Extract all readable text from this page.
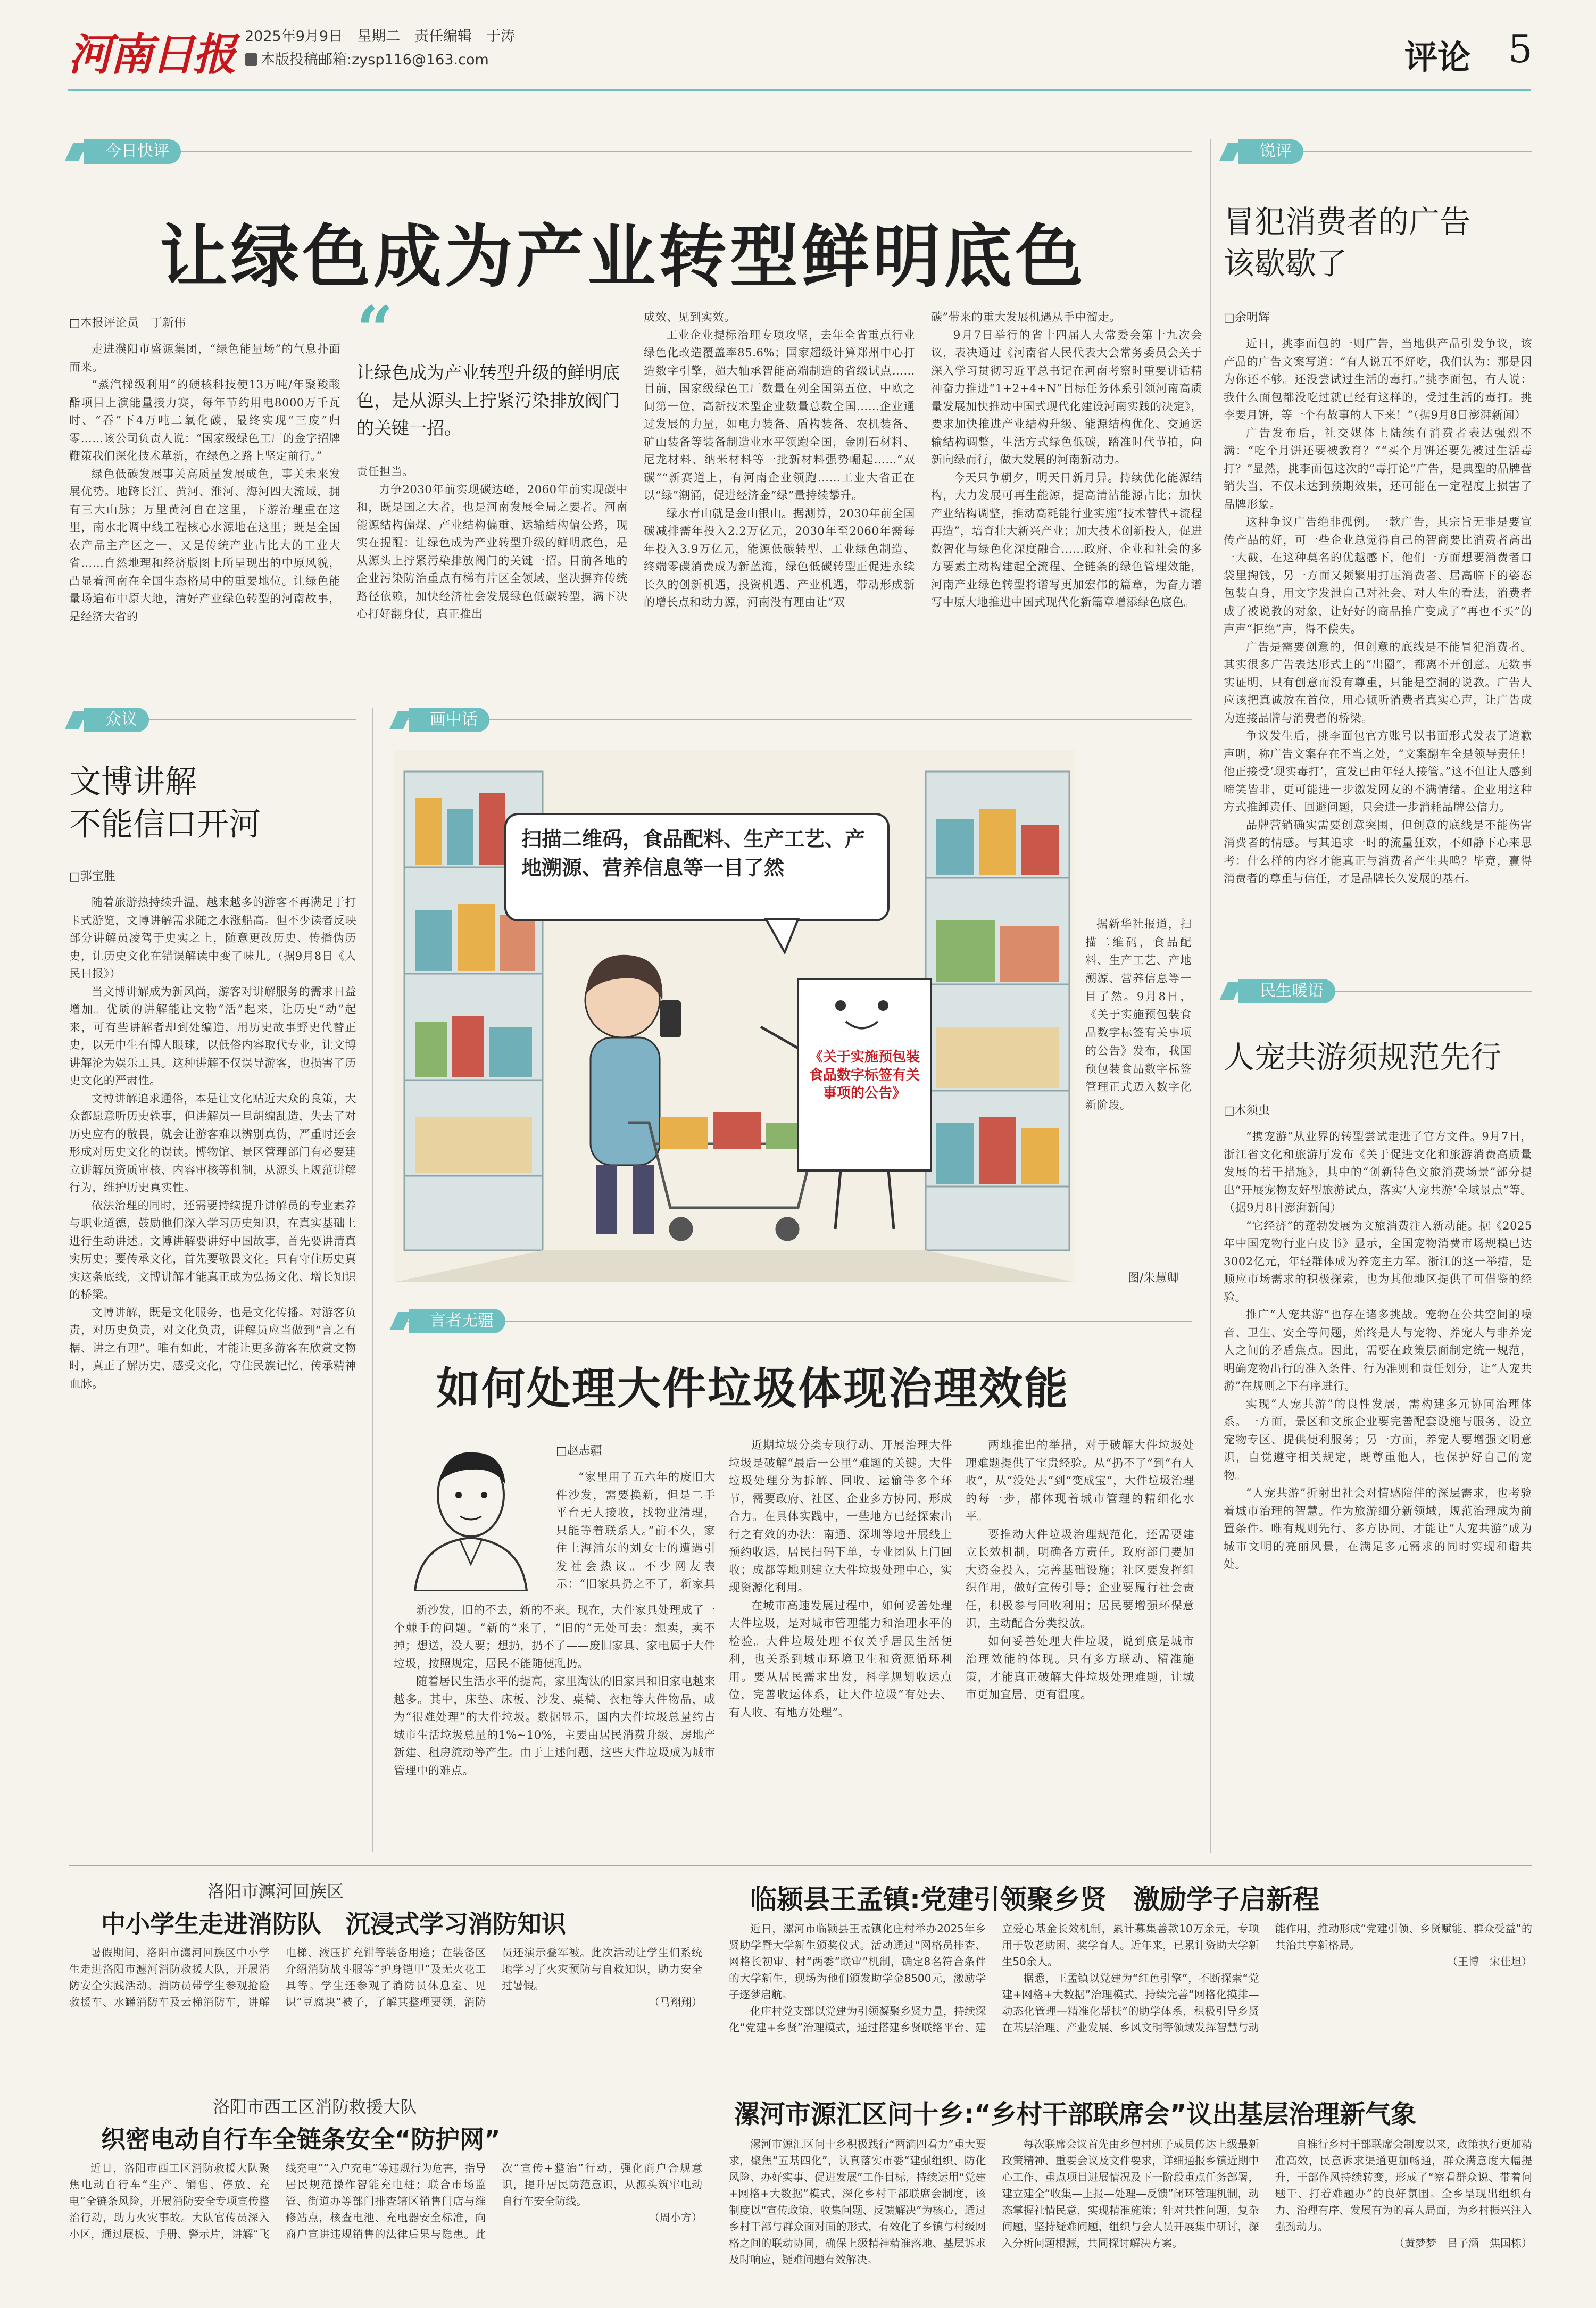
河南日报 2025年9月9日　星期二　责任编辑　于涛
本版投稿邮箱:zysp116@163.com	评论 5
今日快评
让绿色成为产业转型鲜明底色
□本报评论员　丁新伟

走进濮阳市盛源集团，“绿色能量场”的气息扑面而来。

“蒸汽梯级利用”的硬核科技使13万吨/年聚羧酸酯项目上演能量接力赛，每年节约用电8000万千瓦时、“吞”下4万吨二氧化碳，最终实现“三废”归零……该公司负责人说：“国家级绿色工厂的金字招牌鞭策我们深化技术革新，在绿色之路上坚定前行。”

绿色低碳发展事关高质量发展成色，事关未来发展优势。地跨长江、黄河、淮河、海河四大流域，拥有三大山脉；万里黄河自在这里，下游治理重在这里，南水北调中线工程核心水源地在这里；既是全国农产品主产区之一，又是传统产业占比大的工业大省……自然地理和经济版图上所呈现出的中原风貌，凸显着河南在全国生态格局中的重要地位。让绿色能量场遍布中原大地，清好产业绿色转型的河南故事，是经济大省的

“
让绿色成为产业转型升级的鲜明底色，是从源头上拧紧污染排放阀门的关键一招。

责任担当。

力争2030年前实现碳达峰，2060年前实现碳中和，既是国之大者，也是河南发展全局之要者。河南能源结构偏煤、产业结构偏重、运输结构偏公路，现实在提醒：让绿色成为产业转型升级的鲜明底色，是从源头上拧紧污染排放阀门的关键一招。目前各地的企业污染防治重点有梯有片区全领域，坚决摒弃传统路径依赖，加快经济社会发展绿色低碳转型，满下决心打好翻身仗，真正推出

成效、见到实效。

工业企业提标治理专项攻坚，去年全省重点行业绿色化改造覆盖率85.6%；国家超级计算郑州中心打造数字引擎，超大轴承智能高端制造的省级试点……目前，国家级绿色工厂数量在列全国第五位，中欧之间第一位，高新技术型企业数量总数全国……企业通过发展的力量，如电力装备、盾构装备、农机装备、矿山装备等装备制造业水平领跑全国，金刚石材料、尼龙材料、纳米材料等一批新材料强势崛起……“双碳”“新赛道上，有河南企业领跑……工业大省正在以“绿”潮涌，促进经济金“绿”量持续攀升。

绿水青山就是金山银山。据测算，2030年前全国碳减排需年投入2.2万亿元，2030年至2060年需每年投入3.9万亿元，能源低碳转型、工业绿色制造、终端零碳消费成为新蓝海，绿色低碳转型正促进永续长久的创新机遇，投资机遇、产业机遇，带动形成新的增长点和动力源，河南没有理由让“双

碳”带来的重大发展机遇从手中溜走。

9月7日举行的省十四届人大常委会第十九次会议，表决通过《河南省人民代表大会常务委员会关于深入学习贯彻习近平总书记在河南考察时重要讲话精神奋力推进“1+2+4+N”目标任务体系引领河南高质量发展加快推动中国式现代化建设河南实践的决定》，要求加快推进产业结构升级、能源结构优化、交通运输结构调整，生活方式绿色低碳，踏准时代节拍，向新向绿而行，做大发展的河南新动力。

今天只争朝夕，明天日新月异。持续优化能源结构，大力发展可再生能源，提高清洁能源占比；加快产业结构调整，推动高耗能行业实施“技术替代+流程再造”，培育壮大新兴产业；加大技术创新投入，促进数智化与绿色化深度融合……政府、企业和社会的多方要素主动构建起全流程、全链条的绿色管理效能，河南产业绿色转型将谱写更加宏伟的篇章，为奋力谱写中原大地推进中国式现代化新篇章增添绿色底色。

锐评
冒犯消费者的广告
该歇歇了
□余明辉

近日，挑李面包的一则广告，当地供产品引发争议，该产品的广告文案写道：“有人说五不好吃，我们认为：那是因为你还不够。还没尝试过生活的毒打。”挑李面包，有人说：我什么面包都没吃过就已经有这样的，受过生活的毒打。挑李要月饼，等一个有故事的人下来！”（据9月8日澎湃新闻）

广告发布后，社交媒体上陆续有消费者表达强烈不满：“吃个月饼还要被教育？”“买个月饼还要先被过生活毒打？”显然，挑李面包这次的“毒打论”广告，是典型的品牌营销失当，不仅未达到预期效果，还可能在一定程度上损害了品牌形象。

这种争议广告绝非孤例。一款广告，其宗旨无非是要宣传产品的好，可一些企业总觉得自己的智商要比消费者高出一大截，在这种莫名的优越感下，他们一方面想要消费者口袋里掏钱，另一方面又频繁用打压消费者、居高临下的姿态包装自身，用文字发泄自己对社会、对人生的看法，消费者成了被说教的对象，让好好的商品推广变成了“再也不买”的声声“拒绝”声，得不偿失。

广告是需要创意的，但创意的底线是不能冒犯消费者。其实很多广告表达形式上的“出圈”，都离不开创意。无数事实证明，只有创意而没有尊重，只能是空洞的说教。广告人应该把真诚放在首位，用心倾听消费者真实心声，让广告成为连接品牌与消费者的桥梁。

争议发生后，挑李面包官方账号以书面形式发表了道歉声明，称广告文案存在不当之处，“文案翻车全是领导责任！他正接受‘现实毒打’，宣发已由年轻人接管。”这不但让人感到啼笑皆非，更可能进一步激发网友的不满情绪。企业用这种方式推卸责任、回避问题，只会进一步消耗品牌公信力。

品牌营销确实需要创意突围，但创意的底线是不能伤害消费者的情感。与其追求一时的流量狂欢，不如静下心来思考：什么样的内容才能真正与消费者产生共鸣？毕竟，赢得消费者的尊重与信任，才是品牌长久发展的基石。

民生暖语
人宠共游须规范先行
□木须虫

“携宠游”从业界的转型尝试走进了官方文件。9月7日，浙江省文化和旅游厅发布《关于促进文化和旅游消费高质量发展的若干措施》，其中的“创新特色文旅消费场景”部分提出“开展宠物友好型旅游试点，落实‘人宠共游’全域景点”等。（据9月8日澎湃新闻）

“它经济”的蓬勃发展为文旅消费注入新动能。据《2025年中国宠物行业白皮书》显示，全国宠物消费市场规模已达3002亿元，年轻群体成为养宠主力军。浙江的这一举措，是顺应市场需求的积极探索，也为其他地区提供了可借鉴的经验。

推广“人宠共游”也存在诸多挑战。宠物在公共空间的噪音、卫生、安全等问题，始终是人与宠物、养宠人与非养宠人之间的矛盾焦点。因此，需要在政策层面制定统一规范，明确宠物出行的准入条件、行为准则和责任划分，让“人宠共游”在规则之下有序进行。

实现“人宠共游”的良性发展，需构建多元协同治理体系。一方面，景区和文旅企业要完善配套设施与服务，设立宠物专区、提供便利服务；另一方面，养宠人要增强文明意识，自觉遵守相关规定，既尊重他人，也保护好自己的宠物。

“人宠共游”折射出社会对情感陪伴的深层需求，也考验着城市治理的智慧。作为旅游细分新领域，规范治理成为前置条件。唯有规则先行、多方协同，才能让“人宠共游”成为城市文明的亮丽风景，在满足多元需求的同时实现和谐共处。

众议
文博讲解
不能信口开河
□郭宝胜

随着旅游热持续升温，越来越多的游客不再满足于打卡式游览，文博讲解需求随之水涨船高。但不少读者反映部分讲解员凌驾于史实之上，随意更改历史、传播伪历史，让历史文化在错误解读中变了味儿。（据9月8日《人民日报》）

当文博讲解成为新风尚，游客对讲解服务的需求日益增加。优质的讲解能让文物“活”起来，让历史“动”起来，可有些讲解者却到处编造，用历史故事野史代替正史，以无中生有博人眼球，以低俗内容取代专业，让文博讲解沦为娱乐工具。这种讲解不仅误导游客，也损害了历史文化的严肃性。

文博讲解追求通俗，本是让文化贴近大众的良策，大众都愿意听历史轶事，但讲解员一旦胡编乱造，失去了对历史应有的敬畏，就会让游客难以辨别真伪，严重时还会形成对历史文化的误读。博物馆、景区管理部门有必要建立讲解员资质审核、内容审核等机制，从源头上规范讲解行为，维护历史真实性。

依法治理的同时，还需要持续提升讲解员的专业素养与职业道德，鼓励他们深入学习历史知识，在真实基础上进行生动讲述。文博讲解要讲好中国故事，首先要讲清真实历史；要传承文化，首先要敬畏文化。只有守住历史真实这条底线，文博讲解才能真正成为弘扬文化、增长知识的桥梁。

文博讲解，既是文化服务，也是文化传播。对游客负责，对历史负责，对文化负责，讲解员应当做到“言之有据、讲之有理”。唯有如此，才能让更多游客在欣赏文物时，真正了解历史、感受文化，守住民族记忆、传承精神血脉。

画中话
扫描二维码，食品配料、生产工艺、产地溯源、营养信息等一目了然
《关于实施预包装食品数字标签有关事项的公告》

据新华社报道，扫描二维码，食品配料、生产工艺、产地溯源、营养信息等一目了然。9月8日，《关于实施预包装食品数字标签有关事项的公告》发布，我国预包装食品数字标签管理正式迈入数字化新阶段。

图/朱慧卿
言者无疆
如何处理大件垃圾体现治理效能
□赵志疆

“家里用了五六年的废旧大件沙发，需要换新，但是二手平台无人接收，找物业清理，只能等着联系人。”前不久，家住上海浦东的刘女士的遭遇引发社会热议。不少网友表示：“旧家具扔之不了，新家具

新沙发，旧的不去，新的不来。现在，大件家具处理成了一个棘手的问题。“新的”来了，“旧的”无处可去：想卖，卖不掉；想送，没人要；想扔，扔不了——废旧家具、家电属于大件垃圾，按照规定，居民不能随便乱扔。

随着居民生活水平的提高，家里淘汰的旧家具和旧家电越来越多。其中，床垫、床板、沙发、桌椅、衣柜等大件物品，成为“很难处理”的大件垃圾。数据显示，国内大件垃圾总量约占城市生活垃圾总量的1%~10%，主要由居民消费升级、房地产新建、租房流动等产生。由于上述问题，这些大件垃圾成为城市管理中的难点。

近期垃圾分类专项行动、开展治理大件垃圾是破解“最后一公里”难题的关键。大件垃圾处理分为拆解、回收、运输等多个环节，需要政府、社区、企业多方协同、形成合力。在具体实践中，一些地方已经探索出行之有效的办法：南通、深圳等地开展线上预约收运，居民扫码下单，专业团队上门回收；成都等地则建立大件垃圾处理中心，实现资源化利用。

在城市高速发展过程中，如何妥善处理大件垃圾，是对城市管理能力和治理水平的检验。大件垃圾处理不仅关乎居民生活便利，也关系到城市环境卫生和资源循环利用。要从居民需求出发，科学规划收运点位，完善收运体系，让大件垃圾“有处去、有人收、有地方处理”。

两地推出的举措，对于破解大件垃圾处理难题提供了宝贵经验。从“扔不了”到“有人收”，从“没处去”到“变成宝”，大件垃圾治理的每一步，都体现着城市管理的精细化水平。

要推动大件垃圾治理规范化，还需要建立长效机制，明确各方责任。政府部门要加大资金投入，完善基础设施；社区要发挥组织作用，做好宣传引导；企业要履行社会责任，积极参与回收利用；居民要增强环保意识，主动配合分类投放。

如何妥善处理大件垃圾，说到底是城市治理效能的体现。只有多方联动、精准施策，才能真正破解大件垃圾处理难题，让城市更加宜居、更有温度。

洛阳市瀍河回族区
中小学生走进消防队　沉浸式学习消防知识

暑假期间，洛阳市瀍河回族区中小学生走进洛阳市瀍河消防救援大队，开展消防安全实践活动。消防员带学生参观抢险救援车、水罐消防车及云梯消防车，讲解电梯、液压扩充钳等装备用途；在装备区介绍消防战斗服等“护身铠甲”及无火花工具等。学生还参观了消防员休息室、见识“豆腐块”被子，了解其整理要领，消防员还演示叠军被。此次活动让学生们系统地学习了火灾预防与自救知识，助力安全过暑假。

（马翔翔）
洛阳市西工区消防救援大队
织密电动自行车全链条安全“防护网”

近日，洛阳市西工区消防救援大队聚焦电动自行车“生产、销售、停放、充电”全链条风险，开展消防安全专项宣传整治行动，助力火灾事故。大队官传员深入小区，通过展板、手册、警示片，讲解“飞线充电”“入户充电”等违规行为危害，指导居民规范操作智能充电桩；联合市场监管、街道办等部门排查辖区销售门店与维修站点，核查电池、充电器安全标准，向商户宣讲违规销售的法律后果与隐患。此次“宣传+整治”行动，强化商户合规意识，提升居民防范意识，从源头筑牢电动自行车安全防线。

（周小方）
临颍县王孟镇:党建引领聚乡贤　激励学子启新程

近日，漯河市临颍县王孟镇化庄村举办2025年乡贤助学暨大学新生颁奖仪式。活动通过“网格员排查、网格长初审、村“两委”联审”机制，确定8名符合条件的大学新生，现场为他们颁发助学金8500元，激励学子逐梦启航。

化庄村党支部以党建为引领凝聚乡贤力量，持续深化“党建+乡贤”治理模式，通过搭建乡贤联络平台、建立爱心基金长效机制，累计募集善款10万余元，专项用于敬老助困、奖学育人。近年来，已累计资助大学新生50余人。

据悉，王孟镇以党建为“红色引擎”，不断探索“党建+网格+大数据”治理模式，持续完善“网格化摸排—动态化管理—精准化帮扶”的助学体系，积极引导乡贤在基层治理、产业发展、乡风文明等领域发挥智慧与动能作用，推动形成“党建引领、乡贤赋能、群众受益”的共治共享新格局。

（王博　宋佳坦）
漯河市源汇区问十乡:“乡村干部联席会”议出基层治理新气象

漯河市源汇区问十乡积极践行“两滴四看力”重大要求，聚焦“五基四化”，认真落实市委“建强组织、防化风险、办好实事、促进发展”工作目标，持续运用“党建+网格+大数据”模式，深化乡村干部联席会制度，该制度以“宣传政策、收集问题、反馈解决”为核心，通过乡村干部与群众面对面的形式，有效化了乡镇与村级网格之间的联动协同，确保上级精神精准落地、基层诉求及时响应，疑难问题有效解决。

每次联席会议首先由乡包村班子成员传达上级最新政策精神、重要会议及文件要求，详细通报乡镇近期中心工作、重点项目进展情况及下一阶段重点任务部署，建立建全“收集—上报—处理—反馈”闭环管理机制，动态掌握社情民意，实现精准施策；针对共性问题，复杂问题，坚持疑难问题，组织与会人员开展集中研讨，深入分析问题根源，共同探讨解决方案。

自推行乡村干部联席会制度以来，政策执行更加精准高效，民意诉求渠道更加畅通，群众满意度大幅提升，干部作风持续转变，形成了“察看群众说、带着问题干、打着难题办”的良好氛围。全乡呈现出组织有力、治理有序、发展有为的喜人局面，为乡村振兴注入强劲动力。

（黄梦梦　吕子涵　焦国栋）
